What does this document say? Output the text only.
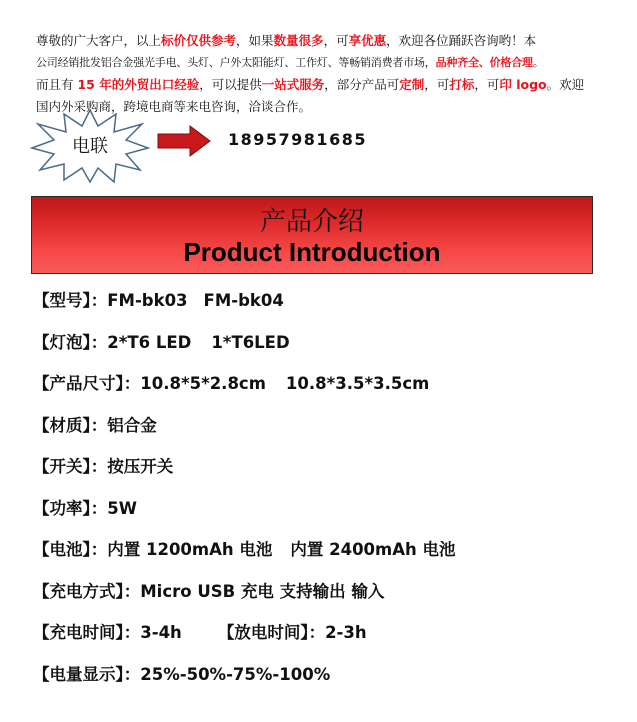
尊敬的广大客户，以上标价仅供参考，如果数量很多，可享优惠，欢迎各位踊跃咨询哟！本
公司经销批发铝合金强光手电、头灯、户外太阳能灯、工作灯、等畅销消费者市场，品种齐全、价格合理。
而且有 15 年的外贸出口经验，可以提供一站式服务，部分产品可定制，可打标，可印 logo。欢迎
国内外采购商，跨境电商等来电咨询，洽谈合作。
电联	18957981685
产品介绍
Product Introduction
【型号】：FM-bk03 FM-bk04
【灯泡】：2*T6 LED 1*T6LED
【产品尺寸】：10.8*5*2.8cm 10.8*3.5*3.5cm
【材质】：铝合金
【开关】：按压开关
【功率】：5W
【电池】：内置 1200mAh 电池 内置 2400mAh 电池
【充电方式】：Micro USB 充电 支持输出 输入
【充电时间】：3-4h 【放电时间】：2-3h
【电量显示】：25%-50%-75%-100%
